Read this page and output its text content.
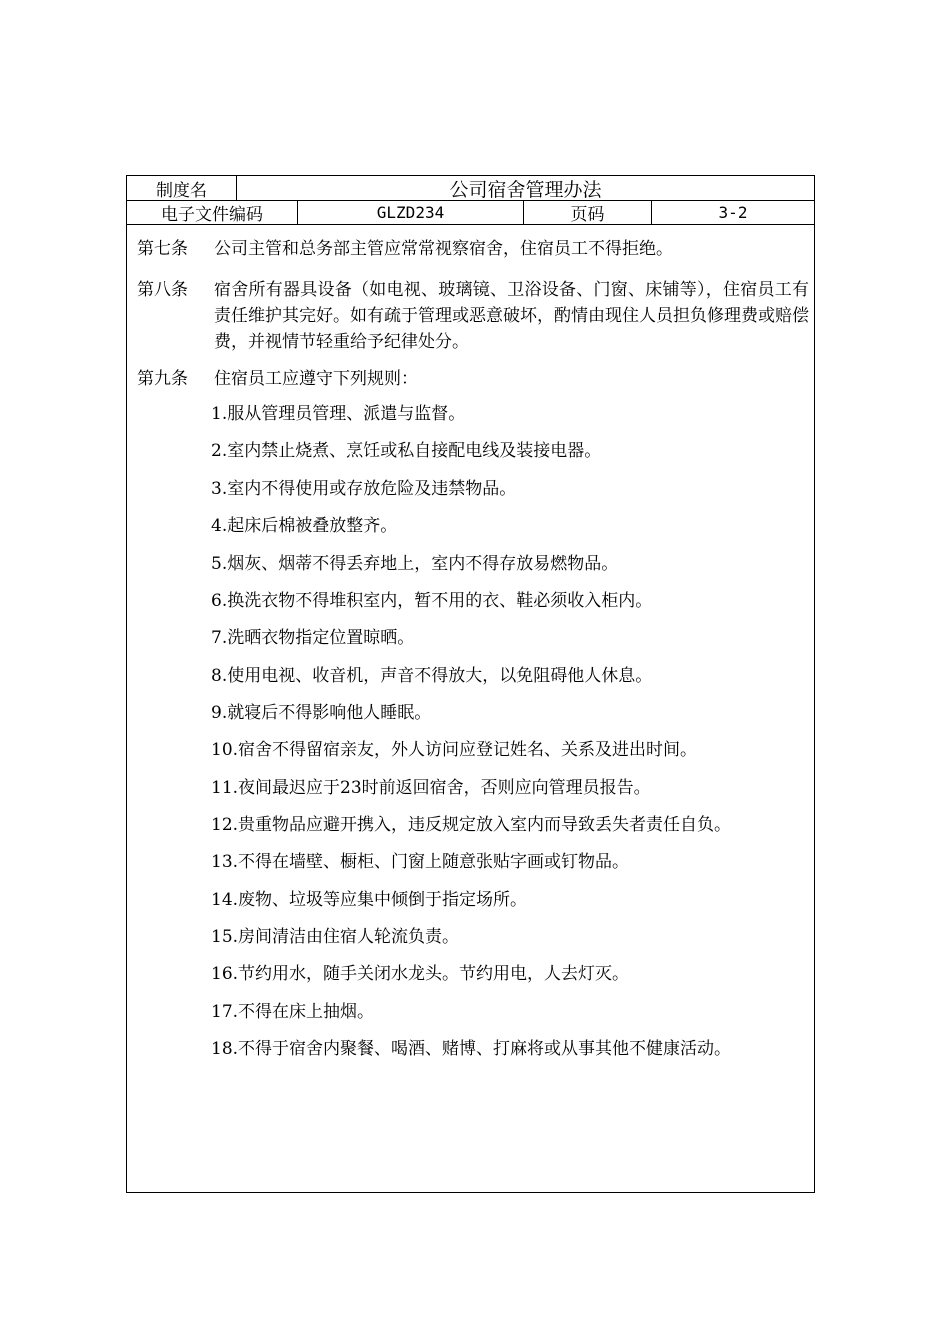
制度名	公司宿舍管理办法
电子文件编码	GLZD234	页码	3-2
第七条 公司主管和总务部主管应常常视察宿舍，住宿员工不得拒绝。
第八条 宿舍所有器具设备（如电视、玻璃镜、卫浴设备、门窗、床铺等），住宿员工有责任维护其完好。如有疏于管理或恶意破坏，酌情由现住人员担负修理费或赔偿费，并视情节轻重给予纪律处分。
第九条 住宿员工应遵守下列规则：
1.服从管理员管理、派遣与监督。
2.室内禁止烧煮、烹饪或私自接配电线及装接电器。
3.室内不得使用或存放危险及违禁物品。
4.起床后棉被叠放整齐。
5.烟灰、烟蒂不得丢弃地上，室内不得存放易燃物品。
6.换洗衣物不得堆积室内，暂不用的衣、鞋必须收入柜内。
7.洗晒衣物指定位置晾晒。
8.使用电视、收音机，声音不得放大，以免阻碍他人休息。
9.就寝后不得影响他人睡眠。
10.宿舍不得留宿亲友，外人访问应登记姓名、关系及进出时间。
11.夜间最迟应于23时前返回宿舍，否则应向管理员报告。
12.贵重物品应避开携入，违反规定放入室内而导致丢失者责任自负。
13.不得在墙壁、橱柜、门窗上随意张贴字画或钉物品。
14.废物、垃圾等应集中倾倒于指定场所。
15.房间清洁由住宿人轮流负责。
16.节约用水，随手关闭水龙头。节约用电，人去灯灭。
17.不得在床上抽烟。
18.不得于宿舍内聚餐、喝酒、赌博、打麻将或从事其他不健康活动。
